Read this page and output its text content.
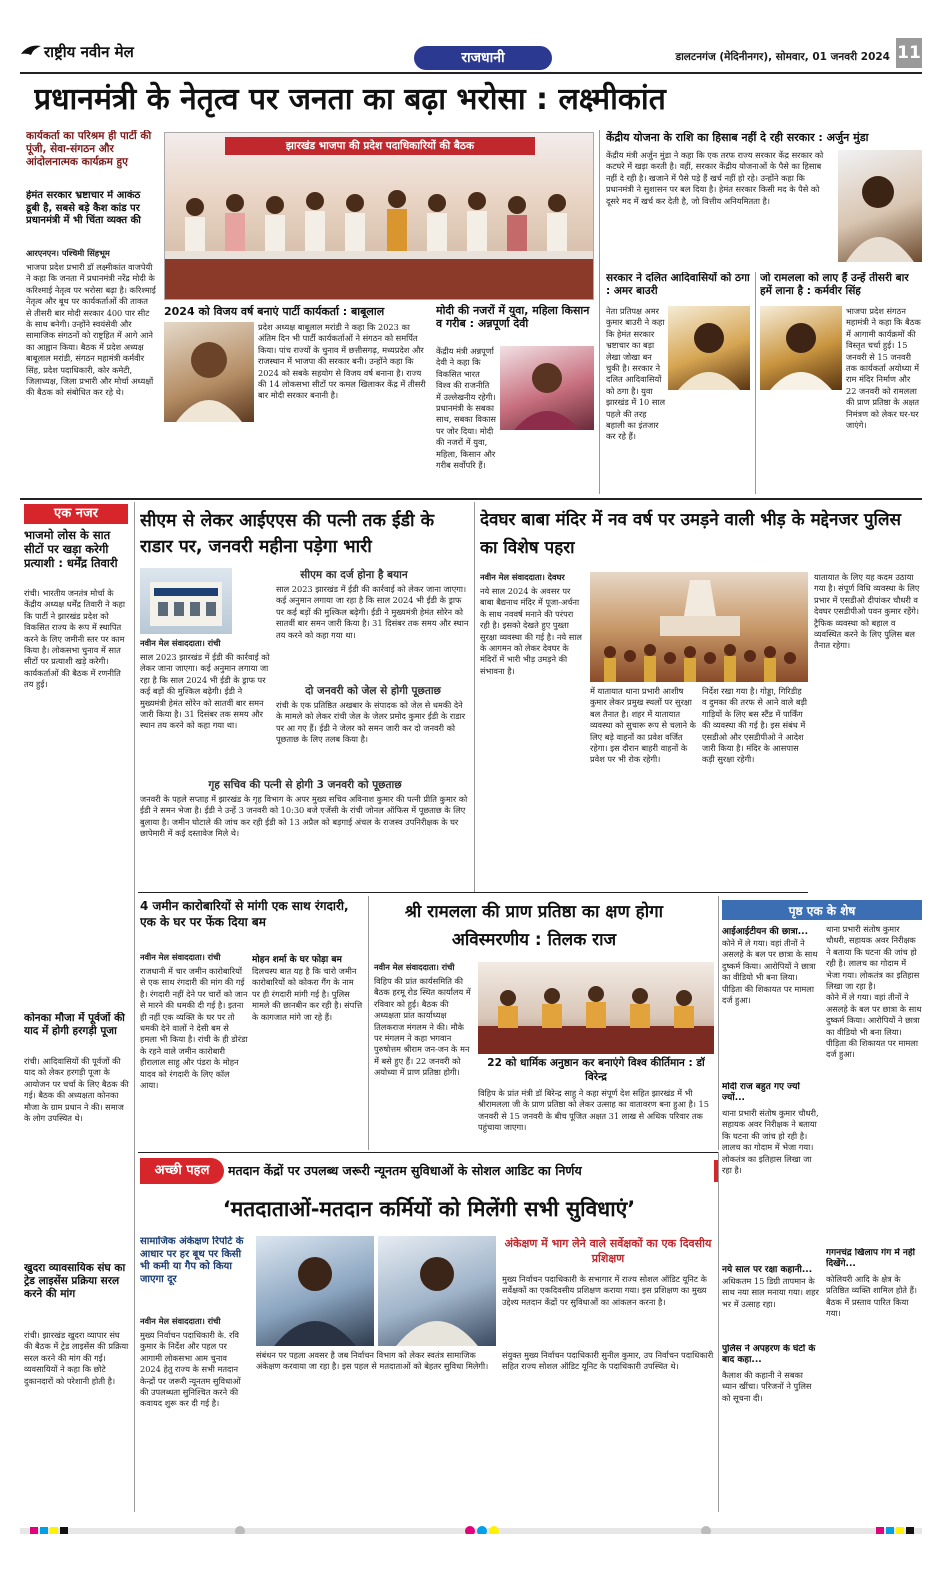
राष्ट्रीय नवीन मेल	राजधानी	डालटनगंज (मेदिनीनगर), सोमवार, 01 जनवरी 2024 11
प्रधानमंत्री के नेतृत्व पर जनता का बढ़ा भरोसा : लक्ष्मीकांत
कार्यकर्ता का परिश्रम ही पार्टी की पूंजी, सेवा-संगठन और आंदोलनात्मक कार्यक्रम हुए
हेमंत सरकार भ्रष्टाचार में आकंठ डूबी है, सबसे बड़े कैश कांड पर प्रधानमंत्री में भी चिंता व्यक्त की
आरएनएन। पश्चिमी सिंहभूम
भाजपा प्रदेश प्रभारी डॉ लक्ष्मीकांत वाजपेयी ने कहा कि जनता में प्रधानमंत्री नरेंद्र मोदी के करिश्माई नेतृत्व पर भरोसा बढ़ा है। करिश्माई नेतृत्व और बूथ पर कार्यकर्ताओं की ताकत से तीसरी बार मोदी सरकार 400 पार सीट के साथ बनेगी। उन्होंने स्वयंसेवी और सामाजिक संगठनों को राष्ट्रहित में आगे आने का आह्वान किया। बैठक में प्रदेश अध्यक्ष बाबूलाल मरांडी, संगठन महामंत्री कर्मवीर सिंह, प्रदेश पदाधिकारी, कोर कमेटी, जिलाध्यक्ष, जिला प्रभारी और मोर्चा अध्यक्षों की बैठक को संबोधित कर रहे थे।
झारखंड भाजपा की प्रदेश पदाधिकारियों की बैठक
2024 को विजय वर्ष बनाएं पार्टी कार्यकर्ता : बाबूलाल
प्रदेश अध्यक्ष बाबूलाल मरांडी ने कहा कि 2023 का अंतिम दिन भी पार्टी कार्यकर्ताओं ने संगठन को समर्पित किया। पांच राज्यों के चुनाव में छत्तीसगढ़, मध्यप्रदेश और राजस्थान में भाजपा की सरकार बनी। उन्होंने कहा कि 2024 को सबके सहयोग से विजय वर्ष बनाना है। राज्य की 14 लोकसभा सीटों पर कमल खिलाकर केंद्र में तीसरी बार मोदी सरकार बनानी है।
मोदी की नजरों में युवा, महिला किसान व गरीब : अन्नपूर्णा देवी
केंद्रीय मंत्री अन्नपूर्णा देवी ने कहा कि विकसित भारत विश्व की राजनीति में उल्लेखनीय रहेगी। प्रधानमंत्री के सबका साथ, सबका विकास पर जोर दिया। मोदी की नजरों में युवा, महिला, किसान और गरीब सर्वोपरि हैं।
केंद्रीय योजना के राशि का हिसाब नहीं दे रही सरकार : अर्जुन मुंडा
केंद्रीय मंत्री अर्जुन मुंडा ने कहा कि एक तरफ राज्य सरकार केंद्र सरकार को कटघरे में खड़ा करती है। वहीं, सरकार केंद्रीय योजनाओं के पैसे का हिसाब नहीं दे रही है। खजाने में पैसे पड़े हैं खर्च नहीं हो रहे। उन्होंने कहा कि प्रधानमंत्री ने सुशासन पर बल दिया है। हेमंत सरकार किसी मद के पैसे को दूसरे मद में खर्च कर देती है, जो वित्तीय अनियमितता है।
सरकार ने दलित आदिवासियों को ठगा : अमर बाउरी
नेता प्रतिपक्ष अमर कुमार बाउरी ने कहा कि हेमंत सरकार भ्रष्टाचार का बड़ा लेखा जोखा बन चुकी है। सरकार ने दलित आदिवासियों को ठगा है। युवा झारखंड में 10 साल पहले की तरह बहाली का इंतजार कर रहे हैं।
जो रामलला को लाए हैं उन्हें तीसरी बार हमें लाना है : कर्मवीर सिंह
भाजपा प्रदेश संगठन महामंत्री ने कहा कि बैठक में आगामी कार्यक्रमों की विस्तृत चर्चा हुई। 15 जनवरी से 15 जनवरी तक कार्यकर्ता अयोध्या में राम मंदिर निर्माण और 22 जनवरी को रामलला की प्राण प्रतिष्ठा के अक्षत निमंत्रण को लेकर घर-घर जाएंगे।
एक नजर
भाजमो लोस के सात सीटों पर खड़ा करेगी प्रत्याशी : धर्मेंद्र तिवारी
रांची। भारतीय जनतंत्र मोर्चा के केंद्रीय अध्यक्ष धर्मेंद्र तिवारी ने कहा कि पार्टी ने झारखंड प्रदेश को विकसित राज्य के रूप में स्थापित करने के लिए जमीनी स्तर पर काम किया है। लोकसभा चुनाव में सात सीटों पर प्रत्याशी खड़े करेगी। कार्यकर्ताओं की बैठक में रणनीति तय हुई।
कोनका मौजा में पूर्वजों की याद में होगी हरगड़ी पूजा
रांची। आदिवासियों की पूर्वजों की याद को लेकर हरगड़ी पूजा के आयोजन पर चर्चा के लिए बैठक की गई। बैठक की अध्यक्षता कोनका मौजा के ग्राम प्रधान ने की। समाज के लोग उपस्थित थे।
खुदरा व्यावसायिक संघ का ट्रेड लाइसेंस प्रक्रिया सरल करने की मांग
रांची। झारखंड खुदरा व्यापार संघ की बैठक में ट्रेड लाइसेंस की प्रक्रिया सरल करने की मांग की गई। व्यवसायियों ने कहा कि छोटे दुकानदारों को परेशानी होती है।
सीएम से लेकर आईएएस की पत्नी तक ईडी के राडार पर, जनवरी महीना पड़ेगा भारी
सीएम का दर्ज होना है बयान
नवीन मेल संवाददाता। रांची
साल 2023 झारखंड में ईडी की कार्रवाई को लेकर जाना जाएगा। कई अनुमान लगाया जा रहा है कि साल 2024 भी ईडी के ड्राफ पर कई बड़ों की मुश्किल बढ़ेगी। ईडी ने मुख्यमंत्री हेमंत सोरेन को सातवीं बार समन जारी किया है। 31 दिसंबर तक समय और स्थान तय करने को कहा गया था।

साल 2023 झारखंड में ईडी की कार्रवाई को लेकर जाना जाएगा। कई अनुमान लगाया जा रहा है कि साल 2024 भी ईडी के ड्राफ पर कई बड़ों की मुश्किल बढ़ेगी। ईडी ने मुख्यमंत्री हेमंत सोरेन को सातवीं बार समन जारी किया है। 31 दिसंबर तक समय और स्थान तय करने को कहा गया था।

दो जनवरी को जेल से होगी पूछताछ
रांची के एक प्रतिष्ठित अखबार के संपादक को जेल से धमकी देने के मामले को लेकर रांची जेल के जेलर प्रमोद कुमार ईडी के राडार पर आ गए हैं। ईडी ने जेलर को समन जारी कर दो जनवरी को पूछताछ के लिए तलब किया है।
गृह सचिव की पत्नी से होगी 3 जनवरी को पूछताछ
जनवरी के पहले सप्ताह में झारखंड के गृह विभाग के अपर मुख्य सचिव अविनाश कुमार की पत्नी प्रीति कुमार को ईडी ने समन भेजा है। ईडी ने उन्हें 3 जनवरी को 10:30 बजे एजेंसी के रांची जोनल ऑफिस में पूछताछ के लिए बुलाया है। जमीन घोटाले की जांच कर रही ईडी को 13 अप्रैल को बड़गाई अंचल के राजस्व उपनिरीक्षक के घर छापेमारी में कई दस्तावेज मिले थे।
देवघर बाबा मंदिर में नव वर्ष पर उमड़ने वाली भीड़ के मद्देनजर पुलिस का विशेष पहरा
नवीन मेल संवाददाता। देवघर
नये साल 2024 के अवसर पर बाबा बैद्यनाथ मंदिर में पूजा-अर्चना के साथ नववर्ष मनाने की परंपरा रही है। इसको देखते हुए पुख्ता सुरक्षा व्यवस्था की गई है। नये साल के आगमन को लेकर देवघर के मंदिरों में भारी भीड़ उमड़ने की संभावना है।
में यातायात थाना प्रभारी आशीष कुमार लेकर प्रमुख स्थलों पर सुरक्षा बल तैनात है। शहर में यातायात व्यवस्था को सुचारू रूप से चलाने के लिए बड़े वाहनों का प्रवेश वर्जित रहेगा। इस दौरान बाहरी वाहनों के प्रवेश पर भी रोक रहेगी।
निर्देश रखा गया है। गोड्डा, गिरिडीह व दुमका की तरफ से आने वाले बड़ी गाड़ियों के लिए बस स्टैंड में पार्किंग की व्यवस्था की गई है। इस संबंध में एसडीओ और एसडीपीओ ने आदेश जारी किया है। मंदिर के आसपास कड़ी सुरक्षा रहेगी।
यातायात के लिए यह कदम उठाया गया है। संपूर्ण विधि व्यवस्था के लिए प्रभार में एसडीओ दीपांकर चौधरी व देवघर एसडीपीओ पवन कुमार रहेंगे। ट्रैफिक व्यवस्था को बहाल व व्यवस्थित करने के लिए पुलिस बल तैनात रहेगा।
4 जमीन कारोबारियों से मांगी एक साथ रंगदारी, एक के घर पर फेंक दिया बम
नवीन मेल संवाददाता। रांची
राजधानी में चार जमीन कारोबारियों से एक साथ रंगदारी की मांग की गई है। रंगदारी नहीं देने पर चारों को जान से मारने की धमकी दी गई है। इतना ही नहीं एक व्यक्ति के घर पर तो धमकी देने वालों ने देसी बम से हमला भी किया है। रांची के ही डोरंडा के रहने वाले जमीन कारोबारी हीरालाल साहु और पंडरा के मोहन यादव को रंगदारी के लिए कॉल आया।
मोहन शर्मा के घर फोड़ा बम
दिलचस्प बात यह है कि चारो जमीन कारोबारियों को कोकरा गैंग के नाम पर ही रंगदारी मांगी गई है। पुलिस मामले की छानबीन कर रही है। संपत्ति के कागजात मांगे जा रहे हैं।
श्री रामलला की प्राण प्रतिष्ठा का क्षण होगा अविस्मरणीय : तिलक राज
नवीन मेल संवाददाता। रांची
विहिप की प्रांत कार्यसमिति की बैठक हरमू रोड स्थित कार्यालय में रविवार को हुई। बैठक की अध्यक्षता प्रांत कार्याध्यक्ष तिलकराज मंगलम ने की। मौके पर मंगलम ने कहा भगवान पुरुषोत्तम श्रीराम जन-जन के मन में बसे हुए हैं। 22 जनवरी को अयोध्या में प्राण प्रतिष्ठा होगी।
22 को धार्मिक अनुष्ठान कर बनाएंगे विश्व कीर्तिमान : डॉ विरेन्द्र
विहिप के प्रांत मंत्री डॉ बिरेन्द्र साहु ने कहा संपूर्ण देश सहित झारखंड में भी श्रीरामलला जी के प्राण प्रतिष्ठा को लेकर उत्साह का वातावरण बना हुआ है। 15 जनवरी से 15 जनवरी के बीच पूजित अक्षत 31 लाख से अधिक परिवार तक पहुंचाया जाएगा।
पृष्ठ एक के शेष
आईआईटीयन की छात्रा...
कोने में ले गया। वहां तीनों ने असलहे के बल पर छात्रा के साथ दुष्कर्म किया। आरोपियों ने छात्रा का वीडियो भी बना लिया। पीड़िता की शिकायत पर मामला दर्ज हुआ।
मोदी राज बहुत गए ज्यों ज्यों...
थाना प्रभारी संतोष कुमार चौधरी, सहायक अवर निरीक्षक ने बताया कि घटना की जांच हो रही है। लालच का गोदाम में भेजा गया। लोकतंत्र का इतिहास लिखा जा रहा है।
नये साल पर रक्षा कहानी...
अधिकतम 15 डिग्री तापमान के साथ नया साल मनाया गया। शहर भर में उत्साह रहा।
पुलिस ने अपहरण के घंटों के बाद कहा...
कैलाश की कहानी ने सबका ध्यान खींचा। परिजनों ने पुलिस को सूचना दी।

थाना प्रभारी संतोष कुमार चौधरी, सहायक अवर निरीक्षक ने बताया कि घटना की जांच हो रही है। लालच का गोदाम में भेजा गया। लोकतंत्र का इतिहास लिखा जा रहा है।

कोने में ले गया। वहां तीनों ने असलहे के बल पर छात्रा के साथ दुष्कर्म किया। आरोपियों ने छात्रा का वीडियो भी बना लिया। पीड़िता की शिकायत पर मामला दर्ज हुआ।

गगनचंद्र खिलाप गंग में नहीं दिखेंगे...
कोलियरी आदि के क्षेत्र के प्रतिष्ठित व्यक्ति शामिल होते हैं। बैठक में प्रस्ताव पारित किया गया।
अच्छी पहल	मतदान केंद्रों पर उपलब्ध जरूरी न्यूनतम सुविधाओं के सोशल आडिट का निर्णय
‘मतदाताओं-मतदान कर्मियों को मिलेंगी सभी सुविधाएं’
सामाजिक अंकेक्षण रिपोर्ट के आधार पर हर बूथ पर किसी भी कमी या गैप को किया जाएगा दूर
नवीन मेल संवाददाता। रांची
मुख्य निर्वाचन पदाधिकारी के. रवि कुमार के निर्देश और पहल पर आगामी लोकसभा आम चुनाव 2024 हेतु राज्य के सभी मतदान केन्द्रों पर जरूरी न्यूनतम सुविधाओं की उपलब्धता सुनिश्चित करने की कवायद शुरू कर दी गई है।
अंकेक्षण में भाग लेने वाले सर्वेक्षकों का एक दिवसीय प्रशिक्षण
मुख्य निर्वाचन पदाधिकारी के सभागार में राज्य सोशल ऑडिट यूनिट के सर्वेक्षकों का एकदिवसीय प्रशिक्षण कराया गया। इस प्रशिक्षण का मुख्य उद्देश्य मतदान केंद्रों पर सुविधाओं का आंकलन करना है।
संबंधन पर पहला अवसर है जब निर्वाचन विभाग को लेकर स्वतंत्र सामाजिक अंकेक्षण करवाया जा रहा है। इस पहल से मतदाताओं को बेहतर सुविधा मिलेगी।
संयुक्त मुख्य निर्वाचन पदाधिकारी सुनील कुमार, उप निर्वाचन पदाधिकारी सहित राज्य सोशल ऑडिट यूनिट के पदाधिकारी उपस्थित थे।
